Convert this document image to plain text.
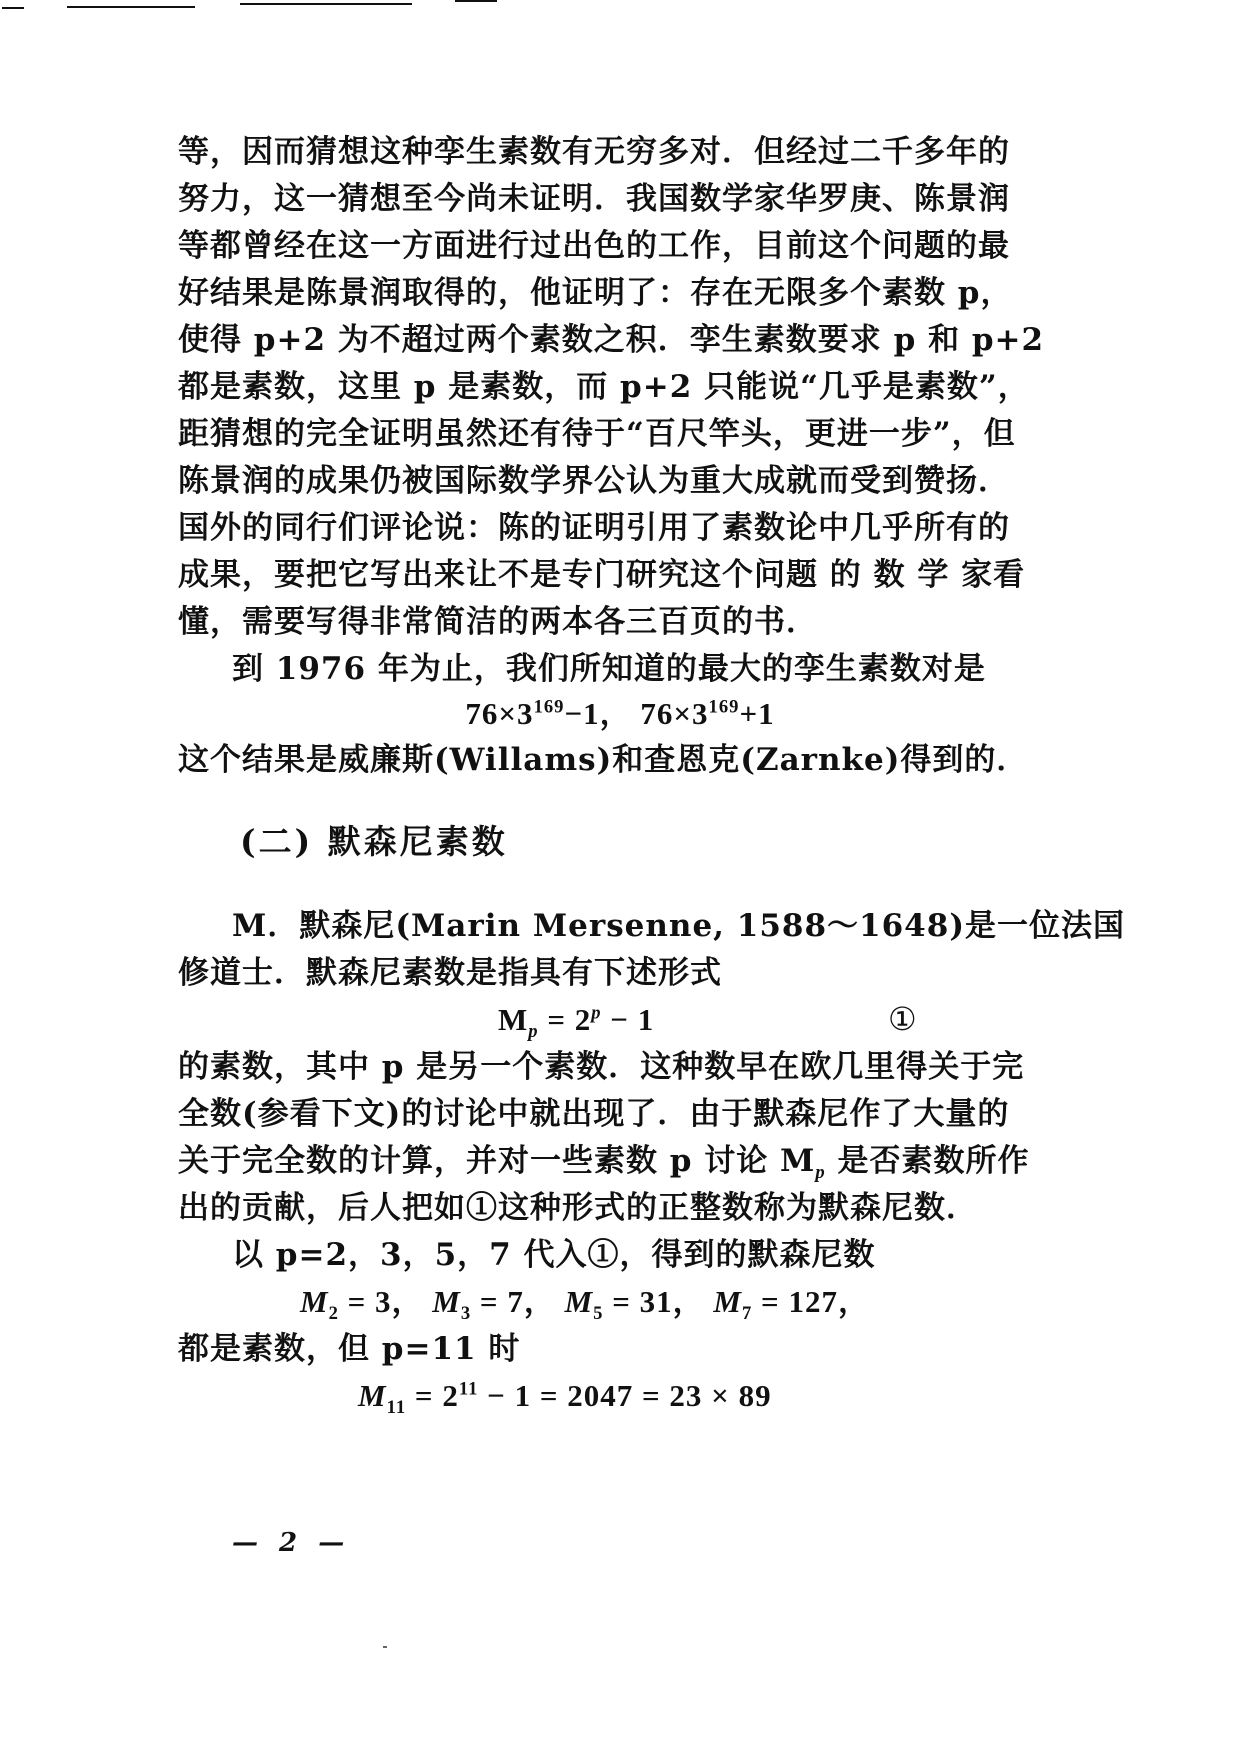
等，因而猜想这种孪生素数有无穷多对．但经过二千多年的
努力，这一猜想至今尚未证明．我国数学家华罗庚、陈景润
等都曾经在这一方面进行过出色的工作，目前这个问题的最
好结果是陈景润取得的，他证明了：存在无限多个素数 p，
使得 p+2 为不超过两个素数之积．孪生素数要求 p 和 p+2
都是素数，这里 p 是素数，而 p+2 只能说“几乎是素数”，
距猜想的完全证明虽然还有待于“百尺竿头，更进一步”，但
陈景润的成果仍被国际数学界公认为重大成就而受到赞扬．
国外的同行们评论说：陈的证明引用了素数论中几乎所有的
成果，要把它写出来让不是专门研究这个问题 的 数 学 家看
懂，需要写得非常简洁的两本各三百页的书．
到 1976 年为止，我们所知道的最大的孪生素数对是
$76\times 3^{169}-1$， $76\times 3^{169}+1$
这个结果是威廉斯(Willams)和查恩克(Zarnke)得到的．
(二) 默森尼素数
M．默森尼(Marin Mersenne, 1588～1648)是一位法国
修道士．默森尼素数是指具有下述形式
$M_p = 2^p - 1$	①
的素数，其中 p 是另一个素数．这种数早在欧几里得关于完
全数(参看下文)的讨论中就出现了．由于默森尼作了大量的
关于完全数的计算，并对一些素数 p 讨论 $M_p$ 是否素数所作
出的贡献，后人把如①这种形式的正整数称为默森尼数．
以 p=2，3，5，7 代入①，得到的默森尼数
$M_2 = 3$， $M_3 = 7$， $M_5 = 31$， $M_7 = 127$，
都是素数，但 p=11 时
$M_{11} = 2^{11} - 1 = 2047 = 23 \times 89$
— 2 —
